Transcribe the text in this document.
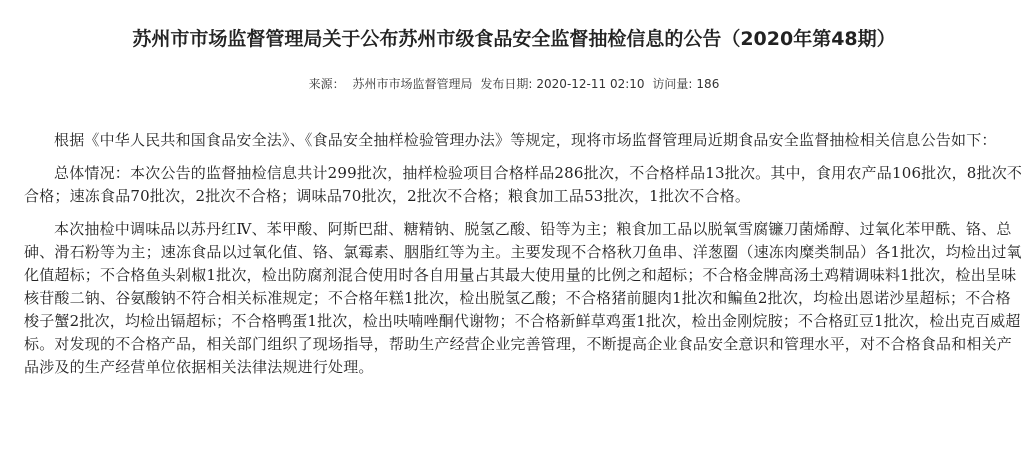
苏州市市场监督管理局关于公布苏州市级食品安全监督抽检信息的公告（2020年第48期）
来源： 苏州市市场监督管理局 发布日期: 2020-12-11 02:10 访问量: 186

根据《中华人民共和国食品安全法》、《食品安全抽样检验管理办法》等规定，现将市场监督管理局近期食品安全监督抽检相关信息公告如下：

总体情况：本次公告的监督抽检信息共计299批次，抽样检验项目合格样品286批次，不合格样品13批次。其中，食用农产品106批次，8批次不合格；速冻食品70批次，2批次不合格；调味品70批次，2批次不合格；粮食加工品53批次，1批次不合格。

本次抽检中调味品以苏丹红Ⅳ、苯甲酸、阿斯巴甜、糖精钠、脱氢乙酸、铅等为主；粮食加工品以脱氧雪腐镰刀菌烯醇、过氧化苯甲酰、铬、总砷、滑石粉等为主；速冻食品以过氧化值、铬、氯霉素、胭脂红等为主。主要发现不合格秋刀鱼串、洋葱圈（速冻肉糜类制品）各1批次，均检出过氧化值超标；不合格鱼头剁椒1批次，检出防腐剂混合使用时各自用量占其最大使用量的比例之和超标；不合格金牌高汤土鸡精调味料1批次，检出呈味核苷酸二钠、谷氨酸钠不符合相关标准规定；不合格年糕1批次，检出脱氢乙酸；不合格猪前腿肉1批次和鳊鱼2批次，均检出恩诺沙星超标；不合格梭子蟹2批次，均检出镉超标；不合格鸭蛋1批次，检出呋喃唑酮代谢物；不合格新鲜草鸡蛋1批次，检出金刚烷胺；不合格豇豆1批次，检出克百威超标。对发现的不合格产品，相关部门组织了现场指导，帮助生产经营企业完善管理，不断提高企业食品安全意识和管理水平，对不合格食品和相关产品涉及的生产经营单位依据相关法律法规进行处理。
